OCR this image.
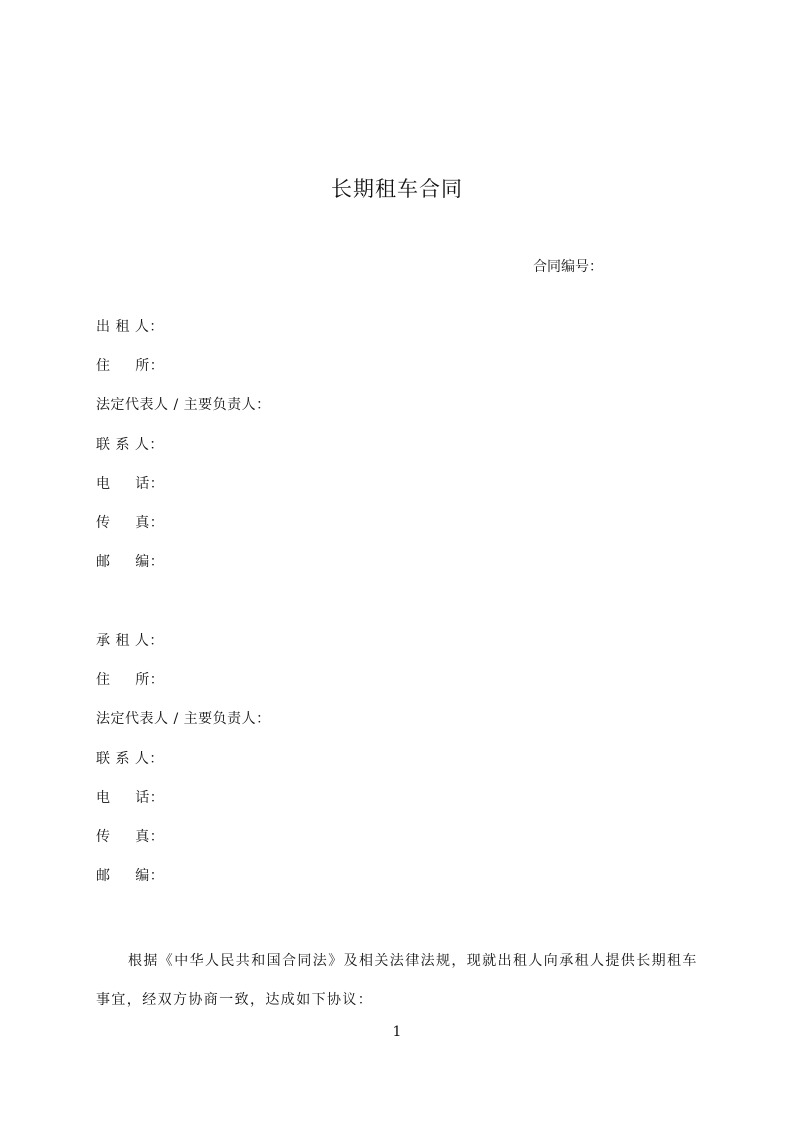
长期租车合同
合同编号：
出 租 人：
住     所：
法定代表人 / 主要负责人：
联 系 人：
电     话：
传     真：
邮     编：
承 租 人：
住     所：
法定代表人 / 主要负责人：
联 系 人：
电     话：
传     真：
邮     编：
根据《中华人民共和国合同法》及相关法律法规，现就出租人向承租人提供长期租车事宜，经双方协商一致，达成如下协议：
1
